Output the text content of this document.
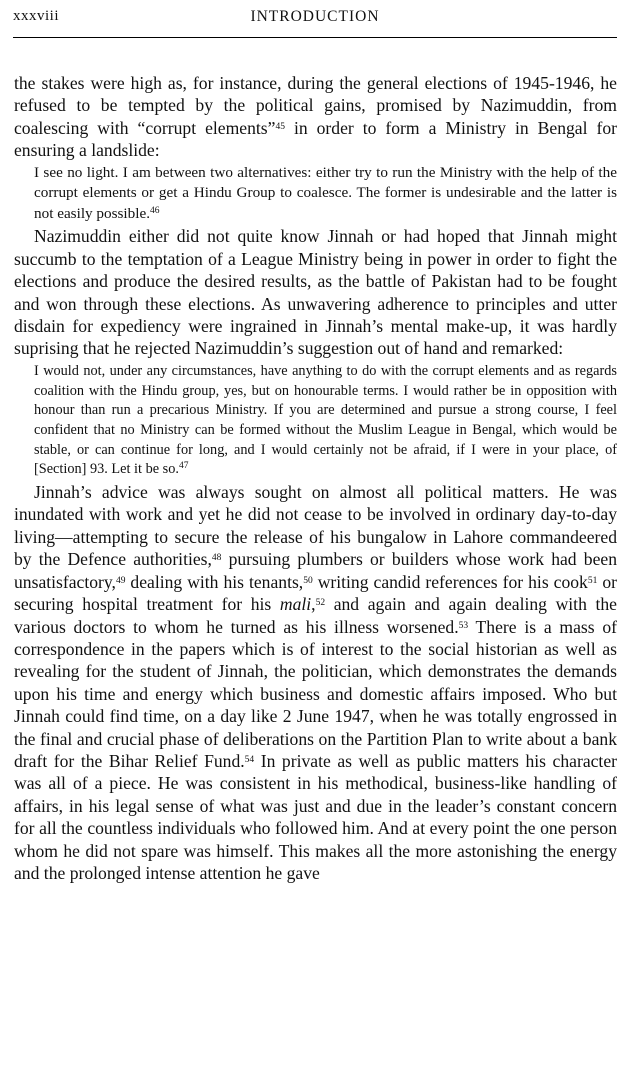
xxxviii	INTRODUCTION

the stakes were high as, for instance, during the general elections of 1945-1946, he refused to be tempted by the political gains, promised by Nazimuddin, from coalescing with “corrupt elements”$^{45}$ in order to form a Ministry in Bengal for ensuring a landslide:

I see no light. I am between two alternatives: either try to run the Ministry with the help of the corrupt elements or get a Hindu Group to coalesce. The former is undesirable and the latter is not easily possible.$^{46}$

Nazimuddin either did not quite know Jinnah or had hoped that Jinnah might succumb to the temptation of a League Ministry being in power in order to fight the elections and produce the desired results, as the battle of Pakistan had to be fought and won through these elections. As unwavering adherence to principles and utter disdain for expediency were ingrained in Jinnah’s mental make-up, it was hardly suprising that he rejected Nazimuddin’s suggestion out of hand and remarked:

I would not, under any circumstances, have anything to do with the corrupt elements and as regards coalition with the Hindu group, yes, but on honourable terms. I would rather be in opposition with honour than run a precarious Ministry. If you are determined and pursue a strong course, I feel confident that no Ministry can be formed without the Muslim League in Bengal, which would be stable, or can continue for long, and I would certainly not be afraid, if I were in your place, of [Section] 93. Let it be so.$^{47}$

Jinnah’s advice was always sought on almost all political matters. He was inundated with work and yet he did not cease to be involved in ordinary day-to-day living—attempting to secure the release of his bungalow in Lahore commandeered by the Defence authorities,$^{48}$ pursuing plumbers or builders whose work had been unsatisfactory,$^{49}$ dealing with his tenants,$^{50}$ writing candid references for his cook$^{51}$ or securing hospital treatment for his mali,$^{52}$ and again and again dealing with the various doctors to whom he turned as his illness worsened.$^{53}$ There is a mass of correspondence in the papers which is of interest to the social historian as well as revealing for the student of Jinnah, the politician, which demonstrates the demands upon his time and energy which business and domestic affairs imposed. Who but Jinnah could find time, on a day like 2 June 1947, when he was totally engrossed in the final and crucial phase of deliberations on the Partition Plan to write about a bank draft for the Bihar Relief Fund.$^{54}$ In private as well as public matters his character was all of a piece. He was consistent in his methodical, business-like handling of affairs, in his legal sense of what was just and due in the leader’s constant concern for all the countless individuals who followed him. And at every point the one person whom he did not spare was himself. This makes all the more astonishing the energy and the prolonged intense attention he gave
